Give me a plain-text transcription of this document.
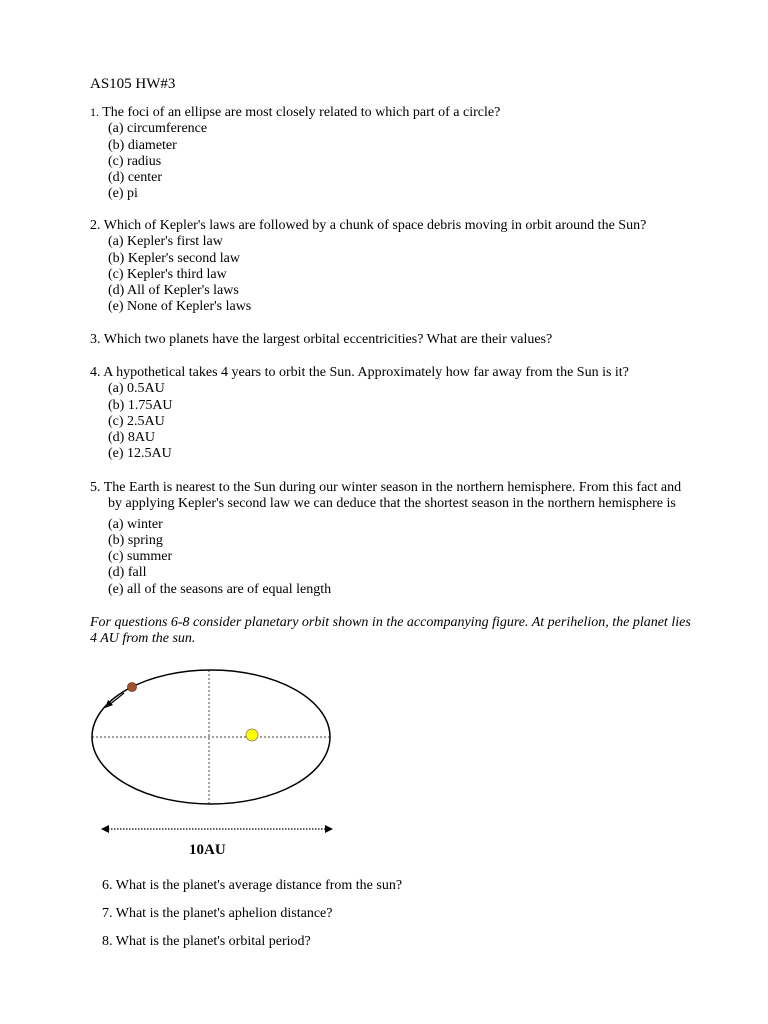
AS105 HW#3
1. The foci of an ellipse are most closely related to which part of a circle?
(a) circumference
(b) diameter
(c) radius
(d) center
(e) pi
2. Which of Kepler's laws are followed by a chunk of space debris moving in orbit around the Sun?
(a) Kepler's first law
(b) Kepler's second law
(c) Kepler's third law
(d) All of Kepler's laws
(e) None of Kepler's laws
3. Which two planets have the largest orbital eccentricities? What are their values?
4. A hypothetical takes 4 years to orbit the Sun. Approximately how far away from the Sun is it?
(a) 0.5AU
(b) 1.75AU
(c) 2.5AU
(d) 8AU
(e) 12.5AU
5. The Earth is nearest to the Sun during our winter season in the northern hemisphere. From this fact and
by applying Kepler's second law we can deduce that the shortest season in the northern hemisphere is
(a) winter
(b) spring
(c) summer
(d) fall
(e) all of the seasons are of equal length
For questions 6-8 consider planetary orbit shown in the accompanying figure. At perihelion, the planet lies
4 AU from the sun.
10AU
6. What is the planet's average distance from the sun?
7. What is the planet's aphelion distance?
8. What is the planet's orbital period?
